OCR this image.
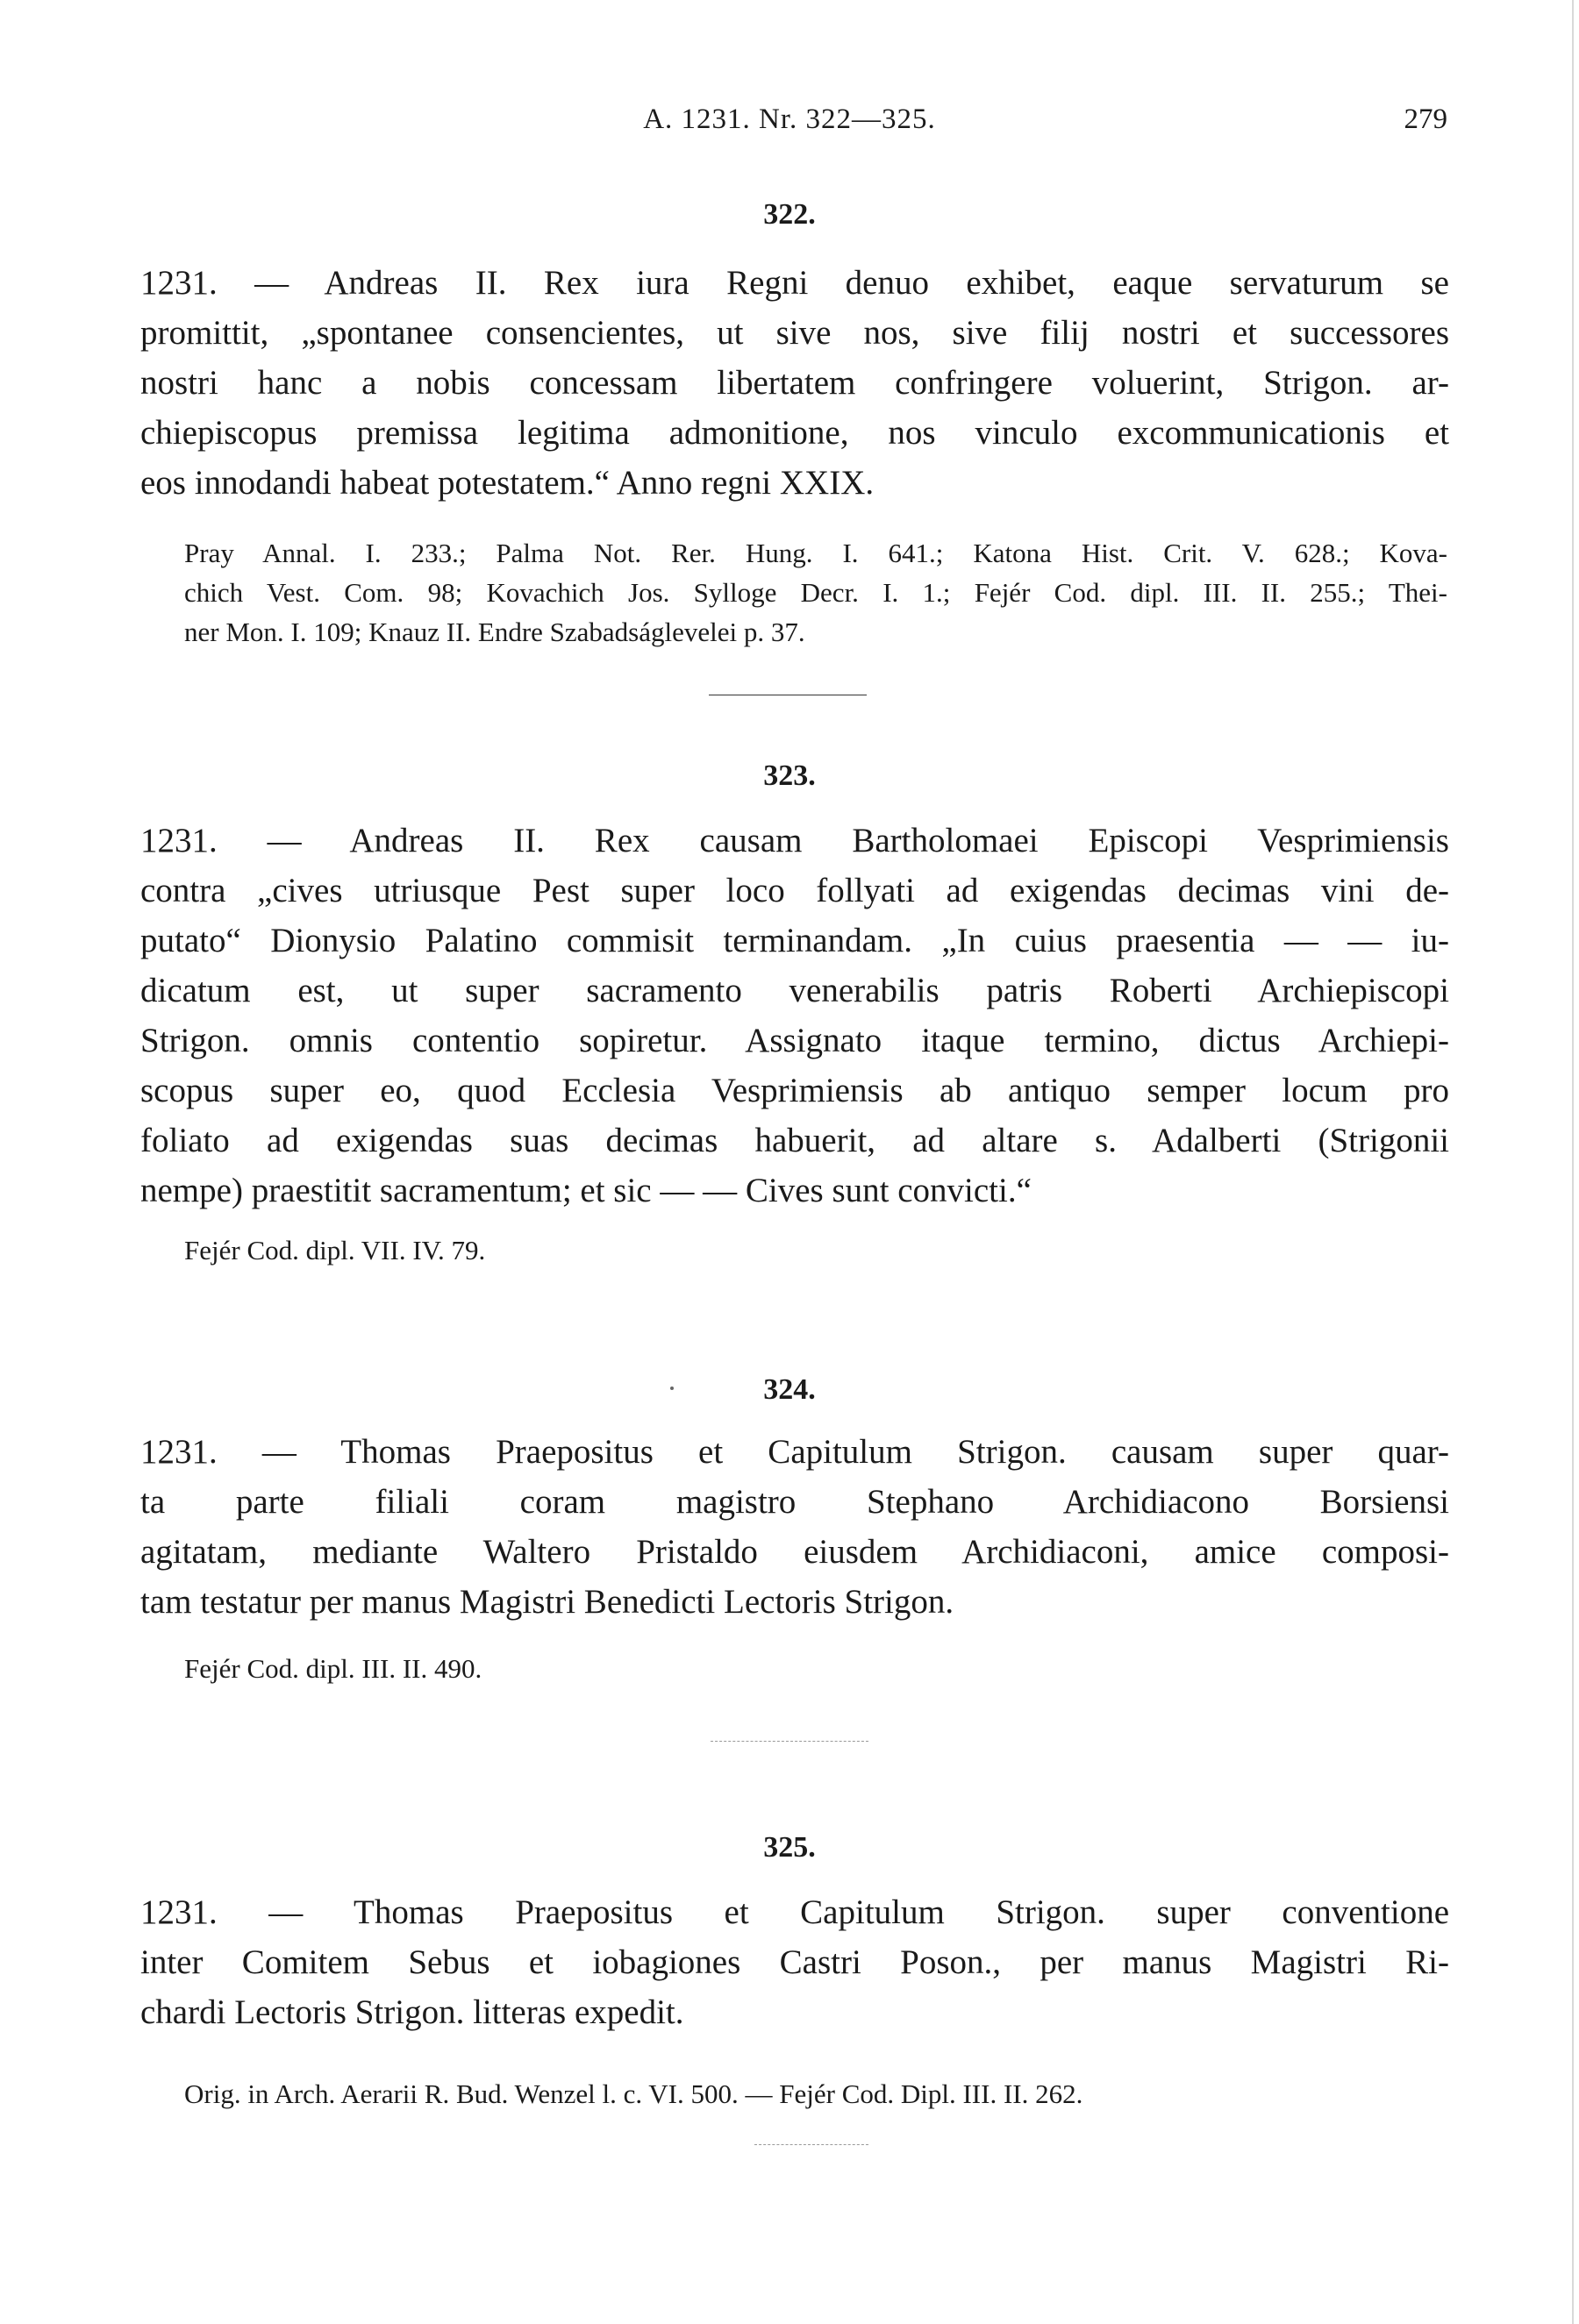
A. 1231. Nr. 322—325.	279
322.
1231. — Andreas II. Rex iura Regni denuo exhibet, eaque servaturum se
promittit, „spontanee consencientes, ut sive nos, sive filij nostri et successores
nostri hanc a nobis concessam libertatem confringere voluerint, Strigon. ar-
chiepiscopus premissa legitima admonitione, nos vinculo excommunicationis et
eos innodandi habeat potestatem.“ Anno regni XXIX.
Pray Annal. I. 233.; Palma Not. Rer. Hung. I. 641.; Katona Hist. Crit. V. 628.; Kova-
chich Vest. Com. 98; Kovachich Jos. Sylloge Decr. I. 1.; Fejér Cod. dipl. III. II. 255.; Thei-
ner Mon. I. 109; Knauz II. Endre Szabadságlevelei p. 37.
323.
1231. — Andreas II. Rex causam Bartholomaei Episcopi Vesprimiensis
contra „cives utriusque Pest super loco follyati ad exigendas decimas vini de-
putato“ Dionysio Palatino commisit terminandam. „In cuius praesentia — — iu-
dicatum est, ut super sacramento venerabilis patris Roberti Archiepiscopi
Strigon. omnis contentio sopiretur. Assignato itaque termino, dictus Archiepi-
scopus super eo, quod Ecclesia Vesprimiensis ab antiquo semper locum pro
foliato ad exigendas suas decimas habuerit, ad altare s. Adalberti (Strigonii
nempe) praestitit sacramentum; et sic — — Cives sunt convicti.“
Fejér Cod. dipl. VII. IV. 79.
324.
1231. — Thomas Praepositus et Capitulum Strigon. causam super quar-
ta parte filiali coram magistro Stephano Archidiacono Borsiensi
agitatam, mediante Waltero Pristaldo eiusdem Archidiaconi, amice composi-
tam testatur per manus Magistri Benedicti Lectoris Strigon.
Fejér Cod. dipl. III. II. 490.
325.
1231. — Thomas Praepositus et Capitulum Strigon. super conventione
inter Comitem Sebus et iobagiones Castri Poson., per manus Magistri Ri-
chardi Lectoris Strigon. litteras expedit.
Orig. in Arch. Aerarii R. Bud. Wenzel l. c. VI. 500. — Fejér Cod. Dipl. III. II. 262.
